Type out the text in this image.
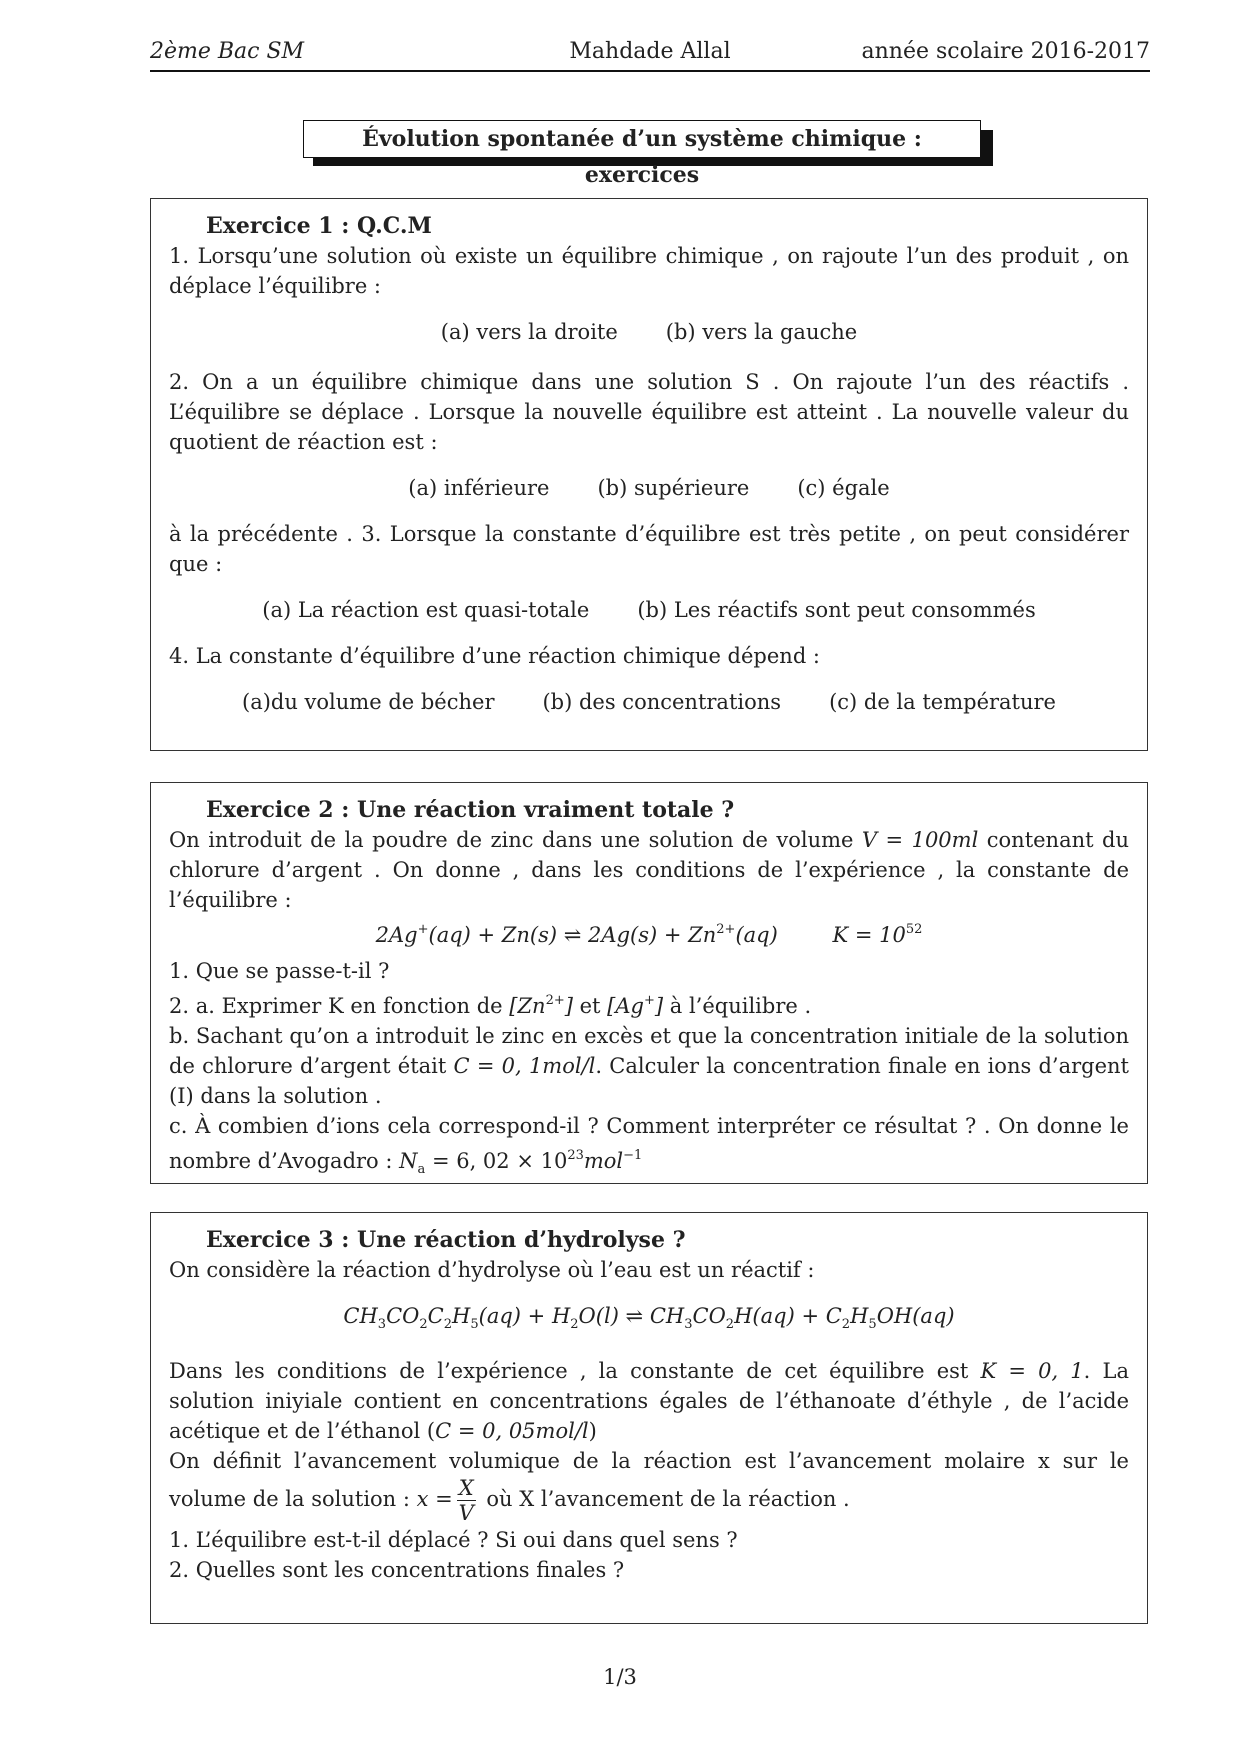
2ème Bac SM	Mahdade Allal	année scolaire 2016-2017
Évolution spontanée d’un système chimique : exercices
Exercice 1 : Q.C.M

1. Lorsqu’une solution où existe un équilibre chimique , on rajoute l’un des produit , on déplace l’équilibre :

(a) vers la droite (b) vers la gauche

2. On a un équilibre chimique dans une solution S . On rajoute l’un des réactifs . L’équilibre se déplace . Lorsque la nouvelle équilibre est atteint . La nouvelle valeur du quotient de réaction est :

(a) inférieure (b) supérieure (c) égale

à la précédente . 3. Lorsque la constante d’équilibre est très petite , on peut considérer que :

(a) La réaction est quasi-totale (b) Les réactifs sont peut consommés

4. La constante d’équilibre d’une réaction chimique dépend :

(a)du volume de bécher (b) des concentrations (c) de la température
Exercice 2 : Une réaction vraiment totale ?

On introduit de la poudre de zinc dans une solution de volume V = 100ml contenant du chlorure d’argent . On donne , dans les conditions de l’expérience , la constante de l’équilibre :

2Ag+(aq) + Zn(s) ⇌ $2Ag(s) + Zn^{2+}(aq) K = 10^{52}$

1. Que se passe-t-il ?

2. a. Exprimer K en fonction de $[Zn^{2+}]$ et [Ag+] à l’équilibre .

b. Sachant qu’on a introduit le zinc en excès et que la concentration initiale de la solution de chlorure d’argent était C = 0, 1mol/l. Calculer la concentration finale en ions d’argent (I) dans la solution .

c. À combien d’ions cela correspond-il ? Comment interpréter ce résultat ? . On donne le nombre d’Avogadro : $N_a = 6$, $02 \times 10^{23}mol^{-1}$

Exercice 3 : Une réaction d’hydrolyse ?

On considère la réaction d’hydrolyse où l’eau est un réactif :

$CH_3CO_2C_2H_5(aq) + H_2O(l)$ ⇌ $CH_3CO_2H(aq) + C_2H_5OH(aq)$

Dans les conditions de l’expérience , la constante de cet équilibre est K = 0, 1. La solution iniyiale contient en concentrations égales de l’éthanoate d’éthyle , de l’acide acétique et de l’éthanol (C = 0, 05mol/l)

On définit l’avancement volumique de la réaction est l’avancement molaire x sur le volume de la solution : $x = \frac{X}{V}$ où X l’avancement de la réaction .

1. L’équilibre est-t-il déplacé ? Si oui dans quel sens ?

2. Quelles sont les concentrations finales ?

1/3
